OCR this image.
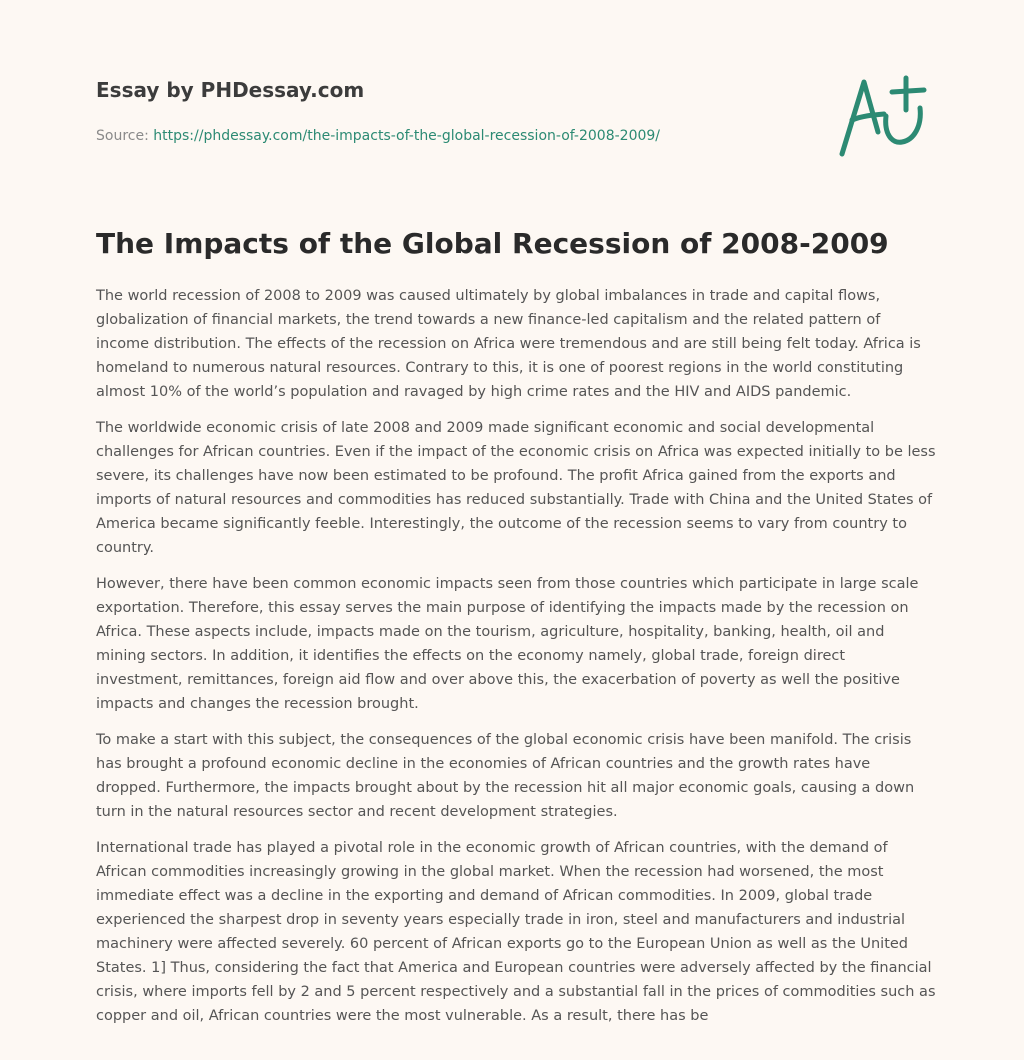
Essay by PHDessay.com

Source: https://phdessay.com/the-impacts-of-the-global-recession-of-2008-2009/
The Impacts of the Global Recession of 2008-2009

The world recession of 2008 to 2009 was caused ultimately by global imbalances in trade and capital flows, globalization of financial markets, the trend towards a new finance-led capitalism and the related pattern of income distribution. The effects of the recession on Africa were tremendous and are still being felt today. Africa is homeland to numerous natural resources. Contrary to this, it is one of poorest regions in the world constituting almost 10% of the world’s population and ravaged by high crime rates and the HIV and AIDS pandemic.

The worldwide economic crisis of late 2008 and 2009 made significant economic and social developmental challenges for African countries. Even if the impact of the economic crisis on Africa was expected initially to be less severe, its challenges have now been estimated to be profound. The profit Africa gained from the exports and imports of natural resources and commodities has reduced substantially. Trade with China and the United States of America became significantly feeble. Interestingly, the outcome of the recession seems to vary from country to country.

However, there have been common economic impacts seen from those countries which participate in large scale exportation. Therefore, this essay serves the main purpose of identifying the impacts made by the recession on Africa. These aspects include, impacts made on the tourism, agriculture, hospitality, banking, health, oil and mining sectors. In addition, it identifies the effects on the economy namely, global trade, foreign direct investment, remittances, foreign aid flow and over above this, the exacerbation of poverty as well the positive impacts and changes the recession brought.

To make a start with this subject, the consequences of the global economic crisis have been manifold. The crisis has brought a profound economic decline in the economies of African countries and the growth rates have dropped. Furthermore, the impacts brought about by the recession hit all major economic goals, causing a down turn in the natural resources sector and recent development strategies.

International trade has played a pivotal role in the economic growth of African countries, with the demand of African commodities increasingly growing in the global market. When the recession had worsened, the most immediate effect was a decline in the exporting and demand of African commodities. In 2009, global trade experienced the sharpest drop in seventy years especially trade in iron, steel and manufacturers and industrial machinery were affected severely. 60 percent of African exports go to the European Union as well as the United States. 1] Thus, considering the fact that America and European countries were adversely affected by the financial crisis, where imports fell by 2 and 5 percent respectively and a substantial fall in the prices of commodities such as copper and oil, African countries were the most vulnerable. As a result, there has be
